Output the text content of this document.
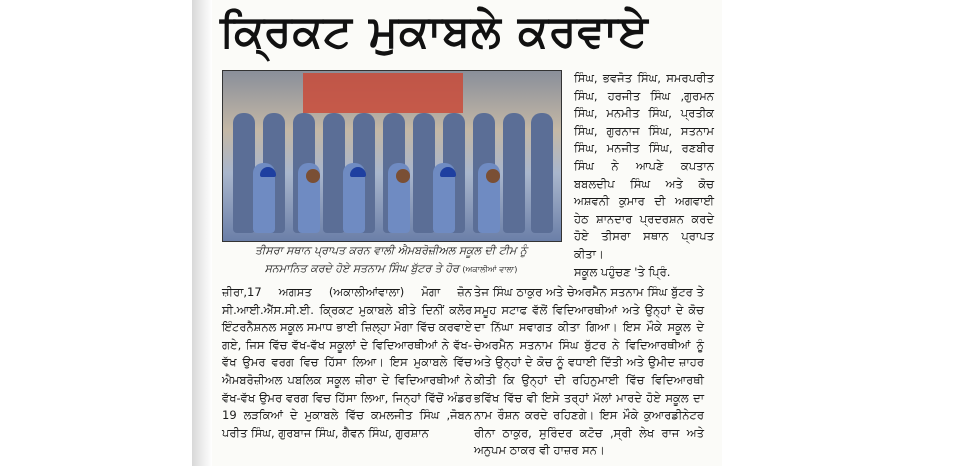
ਕ੍ਰਿਕਟ ਮੁਕਾਬਲੇ ਕਰਵਾਏ
ਤੀਸਰਾ ਸਥਾਨ ਪ੍ਰਾਪਤ ਕਰਨ ਵਾਲੀ ਐਮਬਰੋਜ਼ੀਅਲ ਸਕੂਲ ਦੀ ਟੀਮ ਨੂੰ
ਸਨਮਾਨਿਤ ਕਰਦੇ ਹੋਏ ਸਤਨਾਮ ਸਿੰਘ ਬੁੱਟਰ ਤੇ ਹੋਰ (ਅਕਾਲੀਆਂ ਵਾਲਾ)
ਸਿੰਘ, ਭਵਜੋਤ ਸਿੰਘ, ਸਮਰਪਰੀਤ ਸਿੰਘ, ਹਰਜੀਤ ਸਿੰਘ ,ਗੁਰਮਨ ਸਿੰਘ, ਮਨਮੀਤ ਸਿੰਘ, ਪ੍ਰਤੀਕ ਸਿੰਘ, ਗੁਰਨਾਜ ਸਿੰਘ, ਸਤਨਾਮ ਸਿੰਘ, ਮਨਜੀਤ ਸਿੰਘ, ਰਣਬੀਰ ਸਿੰਘ ਨੇ ਆਪਣੇ ਕਪਤਾਨ ਬਬਲਦੀਪ ਸਿੰਘ ਅਤੇ ਕੋਚ ਅਸ਼ਵਨੀ ਕੁਮਾਰ ਦੀ ਅਗਵਾਈ ਹੇਠ ਸ਼ਾਨਦਾਰ ਪ੍ਰਦਰਸ਼ਨ ਕਰਦੇ ਹੋਏ ਤੀਸਰਾ ਸਥਾਨ ਪ੍ਰਾਪਤ ਕੀਤਾ।
ਸਕੂਲ ਪਹੁੰਚਣ 'ਤੇ ਪ੍ਰਿੰ.
ਜ਼ੀਰਾ,17 ਅਗਸਤ (ਅਕਾਲੀਆਂਵਾਲਾ) ਮੋਗਾ ਜ਼ੋਨ ਸੀ.ਆਈ.ਐੱਸ.ਸੀ.ਈ. ਕ੍ਰਿਕਟ ਮੁਕਾਬਲੇ ਬੀਤੇ ਦਿਨੀਂ ਕਲੋਰ ਇੰਟਰਨੈਸ਼ਨਲ ਸਕੂਲ ਸਮਾਧ ਭਾਈ ਜ਼ਿਲ੍ਹਾ ਮੋਗਾ ਵਿੱਚ ਕਰਵਾਏ ਗਏ, ਜਿਸ ਵਿੱਚ ਵੱਖ-ਵੱਖ ਸਕੂਲਾਂ ਦੇ ਵਿਦਿਆਰਥੀਆਂ ਨੇ ਵੱਖ-ਵੱਖ ਉਮਰ ਵਰਗ ਵਿਚ ਹਿੱਸਾ ਲਿਆ। ਇਸ ਮੁਕਾਬਲੇ ਵਿੱਚ ਐਮਬਰੋਜ਼ੀਅਲ ਪਬਲਿਕ ਸਕੂਲ ਜ਼ੀਰਾ ਦੇ ਵਿਦਿਆਰਥੀਆਂ ਨੇ ਵੱਖ-ਵੱਖ ਉਮਰ ਵਰਗ ਵਿਚ ਹਿੱਸਾ ਲਿਆ, ਜਿਨ੍ਹਾਂ ਵਿੱਚੋਂ ਅੰਡਰ 19 ਲੜਕਿਆਂ ਦੇ ਮੁਕਾਬਲੇ ਵਿੱਚ ਕਮਲਜੀਤ ਸਿੰਘ ,ਜੋਬਨ ਪਰੀਤ ਸਿੰਘ, ਗੁਰਬਾਜ ਸਿੰਘ, ਗੈਵਨ ਸਿੰਘ, ਗੁਰਸ਼ਾਨ
ਤੇਜ ਸਿੰਘ ਠਾਕੁਰ ਅਤੇ ਚੇਅਰਮੈਨ ਸਤਨਾਮ ਸਿੰਘ ਬੁੱਟਰ ਤੇ ਸਮੂਹ ਸਟਾਫ ਵੱਲੋਂ ਵਿਦਿਆਰਥੀਆਂ ਅਤੇ ਉਨ੍ਹਾਂ ਦੇ ਕੋਚ ਦਾ ਨਿੱਘਾ ਸਵਾਗਤ ਕੀਤਾ ਗਿਆ। ਇਸ ਮੌਕੇ ਸਕੂਲ ਦੇ ਚੇਅਰਮੈਨ ਸਤਨਾਮ ਸਿੰਘ ਬੁੱਟਰ ਨੇ ਵਿਦਿਆਰਥੀਆਂ ਨੂੰ ਅਤੇ ਉਨ੍ਹਾਂ ਦੇ ਕੋਚ ਨੂੰ ਵਧਾਈ ਦਿੱਤੀ ਅਤੇ ਉਮੀਦ ਜ਼ਾਹਰ ਕੀਤੀ ਕਿ ਉਨ੍ਹਾਂ ਦੀ ਰਹਿਨੁਮਾਈ ਵਿੱਚ ਵਿਦਿਆਰਥੀ ਭਵਿੱਖ ਵਿੱਚ ਵੀ ਇਸੇ ਤਰ੍ਹਾਂ ਮੱਲਾਂ ਮਾਰਦੇ ਹੋਏ ਸਕੂਲ ਦਾ ਨਾਮ ਰੌਸ਼ਨ ਕਰਦੇ ਰਹਿਣਗੇ। ਇਸ ਮੌਕੇ ਕੁਆਰਡੀਨੇਟਰ ਰੀਨਾ ਠਾਕੁਰ, ਸੁਰਿੰਦਰ ਕਟੋਚ ,ਸ੍ਰੀ ਲੇਖ ਰਾਜ ਅਤੇ ਅਨੁਪਮ ਠਾਕਰ ਵੀ ਹਾਜ਼ਰ ਸਨ।
